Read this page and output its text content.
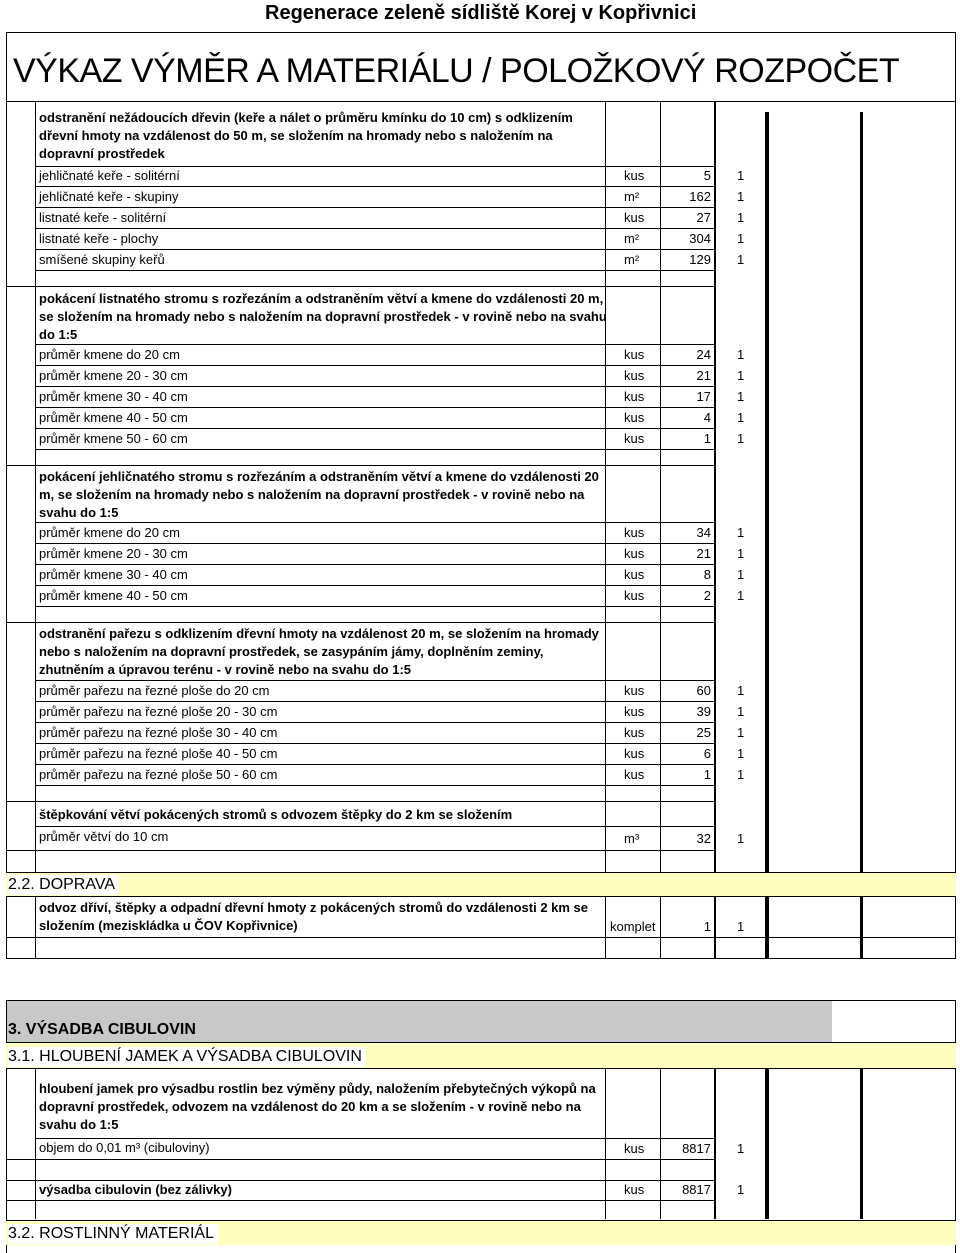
Regenerace zeleně sídliště Korej v Kopřivnici
VÝKAZ VÝMĚR A MATERIÁLU / POLOŽKOVÝ ROZPOČET
odstranění nežádoucích dřevin (keře a nálet o průměru kmínku do 10 cm) s odklizením dřevní hmoty na vzdálenost do 50 m, se složením na hromady nebo s naložením na dopravní prostředek
jehličnaté keře - solitérní	kus	5 1
jehličnaté keře - skupiny	m²	162 1
listnaté keře - solitérní	kus	27 1
listnaté keře - plochy	m²	304 1
smíšené skupiny keřů	m²	129 1
pokácení listnatého stromu s rozřezáním a odstraněním větví a kmene do vzdálenosti 20 m, se složením na hromady nebo s naložením na dopravní prostředek - v rovině nebo na svahu do 1:5
průměr kmene do 20 cm	kus	24 1
průměr kmene 20 - 30 cm	kus	21 1
průměr kmene 30 - 40 cm	kus	17 1
průměr kmene 40 - 50 cm	kus	4 1
průměr kmene 50 - 60 cm	kus	1 1
pokácení jehličnatého stromu s rozřezáním a odstraněním větví a kmene do vzdálenosti 20 m, se složením na hromady nebo s naložením na dopravní prostředek - v rovině nebo na svahu do 1:5
průměr kmene do 20 cm	kus	34 1
průměr kmene 20 - 30 cm	kus	21 1
průměr kmene 30 - 40 cm	kus	8 1
průměr kmene 40 - 50 cm	kus	2 1
odstranění pařezu s odklizením dřevní hmoty na vzdálenost 20 m, se složením na hromady nebo s naložením na dopravní prostředek, se zasypáním jámy, doplněním zeminy, zhutněním a úpravou terénu - v rovině nebo na svahu do 1:5
průměr pařezu na řezné ploše do 20 cm	kus	60 1
průměr pařezu na řezné ploše 20 - 30 cm	kus	39 1
průměr pařezu na řezné ploše 30 - 40 cm	kus	25 1
průměr pařezu na řezné ploše 40 - 50 cm	kus	6 1
průměr pařezu na řezné ploše 50 - 60 cm	kus	1 1
štěpkování větví pokácených stromů s odvozem štěpky do 2 km se složením
průměr větví do 10 cm	m³	32 1
2.2. DOPRAVA
odvoz dříví, štěpky a odpadní dřevní hmoty z pokácených stromů do vzdálenosti 2 km se složením (meziskládka u ČOV Kopřivnice)	komplet	1 1
3. VÝSADBA CIBULOVIN
3.1. HLOUBENÍ JAMEK A VÝSADBA CIBULOVIN
hloubení jamek pro výsadbu rostlin bez výměny půdy, naložením přebytečných výkopů na dopravní prostředek, odvozem na vzdálenost do 20 km a se složením - v rovině nebo na svahu do 1:5
objem do 0,01 m³ (cibuloviny)	kus	8817 1
výsadba cibulovin (bez zálivky)	kus	8817 1
3.2. ROSTLINNÝ MATERIÁL
